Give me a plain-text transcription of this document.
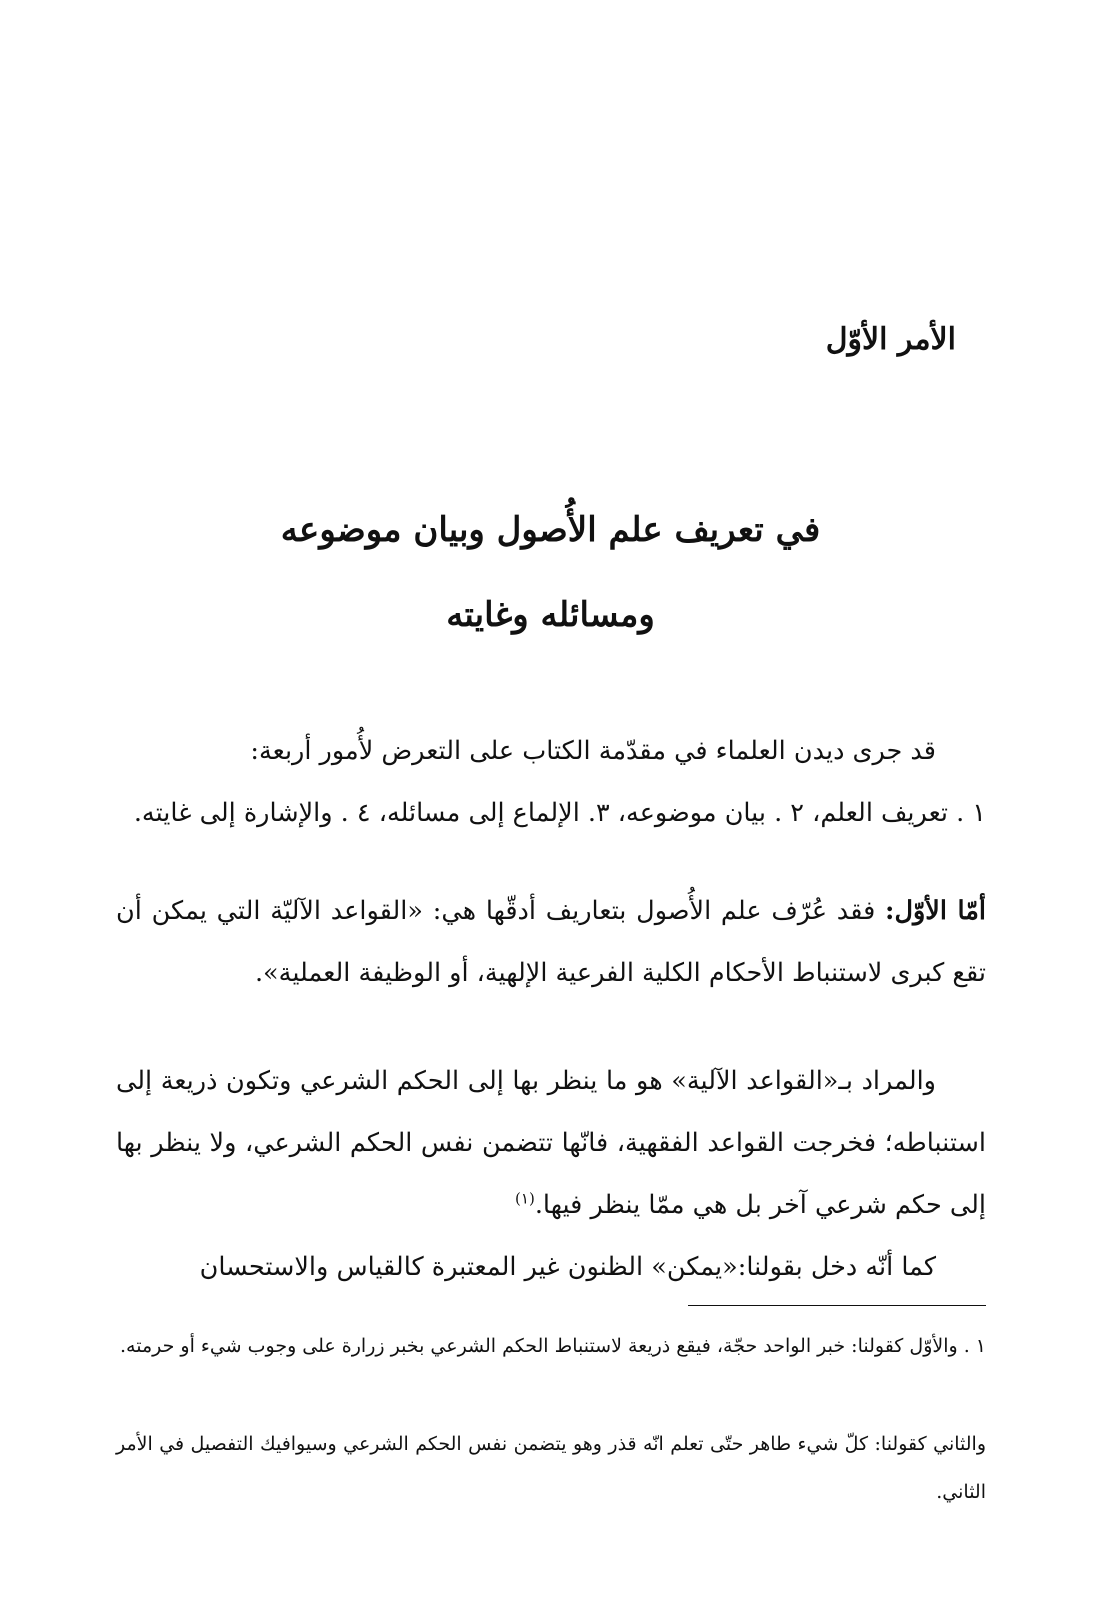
الأمر الأوّل
في تعريف علم الأُصول وبيان موضوعه
ومسائله وغايته
قد جرى ديدن العلماء في مقدّمة الكتاب على التعرض لأُمور أربعة:
١ . تعريف العلم، ٢ . بيان موضوعه، ٣. الإلماع إلى مسائله، ٤ . والإشارة إلى غايته.
أمّا الأوّل: فقد عُرّف علم الأُصول بتعاريف أدقّها هي: «القواعد الآليّة التي يمكن أن تقع كبرى لاستنباط الأحكام الكلية الفرعية الإلهية، أو الوظيفة العملية».
والمراد بـ«القواعد الآلية» هو ما ينظر بها إلى الحكم الشرعي وتكون ذريعة إلى استنباطه؛ فخرجت القواعد الفقهية، فانّها تتضمن نفس الحكم الشرعي، ولا ينظر بها إلى حكم شرعي آخر بل هي ممّا ينظر فيها.$^{(١)}$
كما أنّه دخل بقولنا:«يمكن» الظنون غير المعتبرة كالقياس والاستحسان
١ . والأوّل كقولنا: خبر الواحد حجّة، فيقع ذريعة لاستنباط الحكم الشرعي بخبر زرارة على وجوب شيء أو حرمته.
والثاني كقولنا: كلّ شيء طاهر حتّى تعلم انّه قذر وهو يتضمن نفس الحكم الشرعي وسيوافيك التفصيل في الأمر الثاني.
